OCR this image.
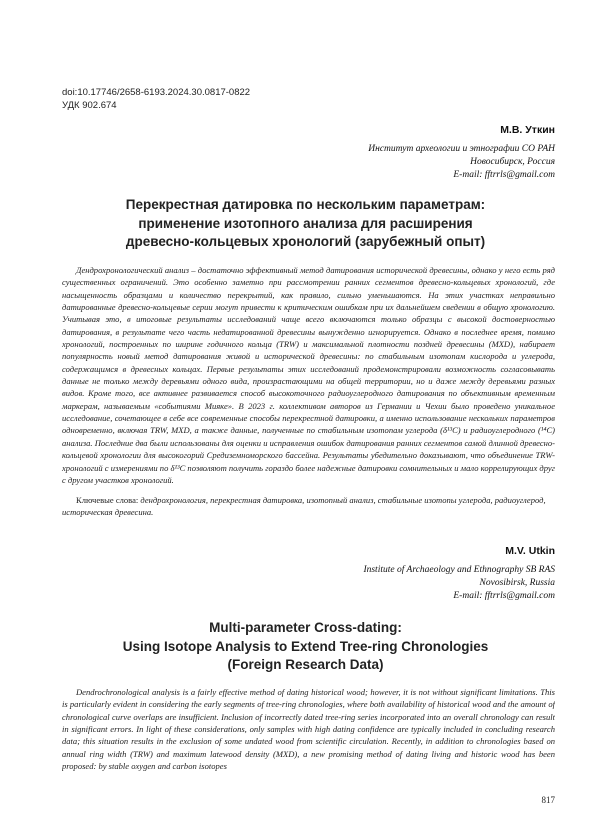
doi:10.17746/2658-6193.2024.30.0817-0822
УДК 902.674
М.В. Уткин
Институт археологии и этнографии СО РАН
Новосибирск, Россия
E-mail: fftrrls@gmail.com
Перекрестная датировка по нескольким параметрам:
применение изотопного анализа для расширения
древесно-кольцевых хронологий (зарубежный опыт)

Дендрохронологический анализ – достаточно эффективный метод датирования исторической древесины, однако у него есть ряд существенных ограничений. Это особенно заметно при рассмотрении ранних сегментов древесно-кольцевых хронологий, где насыщенность образцами и количество перекрытий, как правило, сильно уменьшаются. На этих участках неправильно датированные древесно-кольцевые серии могут привести к критическим ошибкам при их дальнейшем сведении в общую хронологию. Учитывая это, в итоговые результаты исследований чаще всего включаются только образцы с высокой достоверностью датирования, в результате чего часть недатированной древесины вынужденно игнорируется. Однако в последнее время, помимо хронологий, построенных по ширине годичного кольца (TRW) и максимальной плотности поздней древесины (MXD), набирает популярность новый метод датирования живой и исторической древесины: по стабильным изотопам кислорода и углерода, содержащимся в древесных кольцах. Первые результаты этих исследований продемонстрировали возможность согласовывать данные не только между деревьями одного вида, произрастающими на общей территории, но и даже между деревьями разных видов. Кроме того, все активнее развивается способ высокоточного радиоуглеродного датирования по объективным временным маркерам, называемым «событиями Мияке». В 2023 г. коллективом авторов из Германии и Чехии было проведено уникальное исследование, сочетающее в себе все современные способы перекрестной датировки, а именно использование нескольких параметров одновременно, включая TRW, MXD, а также данные, полученные по стабильным изотопам углерода (δ¹³C) и радиоуглеродного (¹⁴C) анализа. Последние два были использованы для оценки и исправления ошибок датирования ранних сегментов самой длинной древесно-кольцевой хронологии для высокогорий Средиземноморского бассейна. Результаты убедительно доказывают, что объединение TRW-хронологий с измерениями по δ¹³C позволяют получить гораздо более надежные датировки сомнительных и мало коррелирующих друг с другом участков хронологий.

Ключевые слова: дендрохронология, перекрестная датировка, изотопный анализ, стабильные изотопы углерода, радиоуглерод, историческая древесина.

M.V. Utkin
Institute of Archaeology and Ethnography SB RAS
Novosibirsk, Russia
E-mail: fftrrls@gmail.com
Multi-parameter Cross-dating:
Using Isotope Analysis to Extend Tree-ring Chronologies
(Foreign Research Data)

Dendrochronological analysis is a fairly effective method of dating historical wood; however, it is not without significant limitations. This is particularly evident in considering the early segments of tree-ring chronologies, where both availability of historical wood and the amount of chronological curve overlaps are insufficient. Inclusion of incorrectly dated tree-ring series incorporated into an overall chronology can result in significant errors. In light of these considerations, only samples with high dating confidence are typically included in concluding research data; this situation results in the exclusion of some undated wood from scientific circulation. Recently, in addition to chronologies based on annual ring width (TRW) and maximum latewood density (MXD), a new promising method of dating living and historic wood has been proposed: by stable oxygen and carbon isotopes

817
